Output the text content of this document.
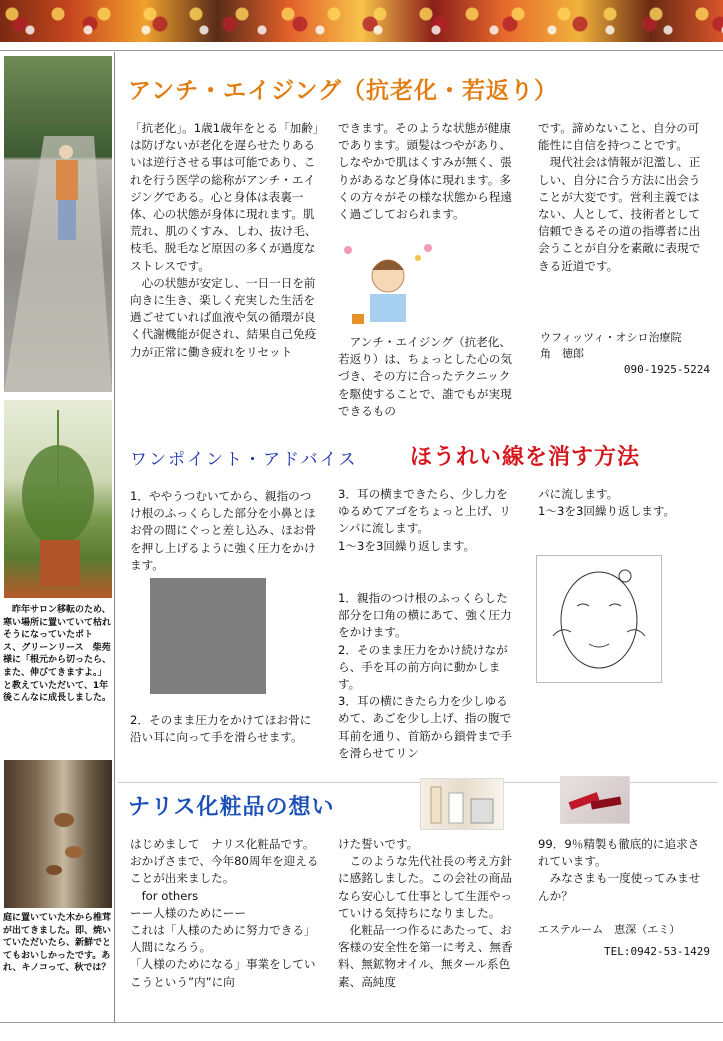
　昨年サロン移転のため、寒い場所に置いていて枯れそうになっていたポトス、グリーンリース　柴苑様に「根元から切ったら、また、伸びてきますよ。」と教えていただいて、1年後こんなに成長しました。
庭に置いていた木から椎茸が出てきました。即、焼いていただいたら、新鮮でとてもおいしかったです。あれ、キノコって、秋では？
アンチ・エイジング（抗老化・若返り）
「抗老化」。1歳1歳年をとる「加齢」は防げないが老化を遅らせたりあるいは逆行させる事は可能であり、これを行う医学の総称がアンチ・エイジングである。心と身体は表裏一体、心の状態が身体に現れます。肌荒れ、肌のくすみ、しわ、抜け毛、枝毛、脱毛など原因の多くが過度なストレスです。
　心の状態が安定し、一日一日を前向きに生き、楽しく充実した生活を過ごせていれば血液や気の循環が良く代謝機能が促され、結果自己免疫力が正常に働き疲れをリセット
できます。そのような状態が健康であります。頭髪はつやがあり、しなやかで肌はくすみが無く、張りがあるなど身体に現れます。多くの方々がその様な状態から程遠く過ごしておられます。
　アンチ・エイジング（抗老化、若返り）は、ちょっとした心の気づき、その方に合ったテクニックを駆使することで、誰でもが実現できるもの
です。諦めないこと、自分の可能性に自信を持つことです。
　現代社会は情報が氾濫し、正しい、自分に合う方法に出会うことが大変です。営利主義ではない、人として、技術者として信頼できるその道の指導者に出会うことが自分を素敵に表現できる近道です。
ウフィッツィ・オシロ治療院
角　徳郎
090-1925-5224
ワンポイント・アドバイス ほうれい線を消す方法
1．ややうつむいてから、親指のつけ根のふっくらした部分を小鼻とほお骨の間にぐっと差し込み、ほお骨を押し上げるように強く圧力をかけます。
2．そのまま圧力をかけてほお骨に沿い耳に向って手を滑らせます。
3．耳の横まできたら、少し力をゆるめてアゴをちょっと上げ、リンパに流します。
1～3を3回繰り返します。
1．親指のつけ根のふっくらした部分を口角の横にあて、強く圧力をかけます。
2．そのまま圧力をかけ続けながら、手を耳の前方向に動かします。
3．耳の横にきたら力を少しゆるめて、あごを少し上げ、指の腹で耳前を通り、首筋から鎖骨まで手を滑らせてリン
パに流します。
1～3を3回繰り返します。
ナリス化粧品の想い
はじめまして　ナリス化粧品です。
おかげさまで、今年80周年を迎えることが出来ました。
　for others
ーー人様のためにーー
これは「人様のために努力できる」人間になろう。
「人様のためになる」事業をしていこうという”内”に向
けた誓いです。
　このような先代社長の考え方針に感銘しました。この会社の商品なら安心して仕事として生涯やっていける気持ちになりました。
　化粧品一つ作るにあたって、お客様の安全性を第一に考え、無香料、無鉱物オイル、無タール系色素、高純度
99．9％精製も徹底的に追求されています。
　みなさまも一度使ってみませんか？
エステルーム　恵深（エミ）
TEL:0942-53-1429
